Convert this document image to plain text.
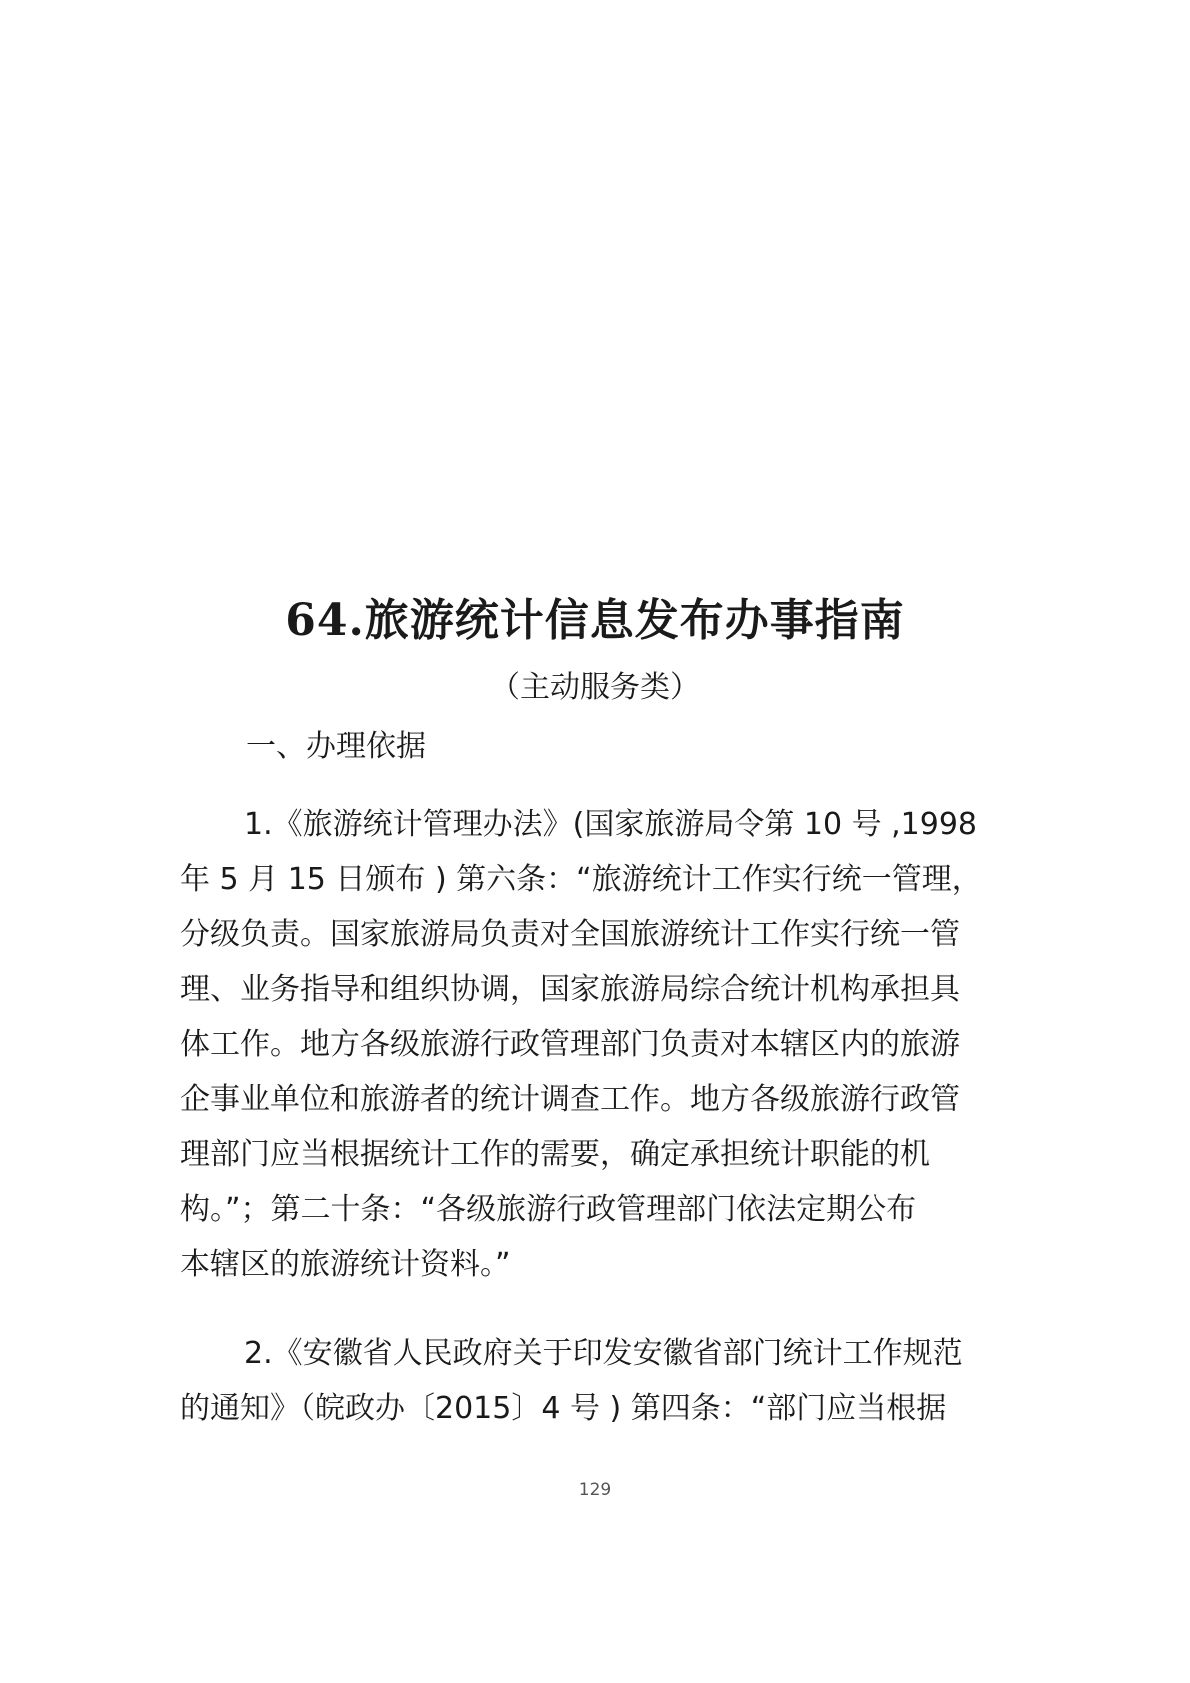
64.旅游统计信息发布办事指南
（主动服务类）
一、办理依据
1.《旅游统计管理办法》(国家旅游局令第 10 号 ,1998
年 5 月 15 日颁布 ) 第六条：“旅游统计工作实行统一管理，
分级负责。国家旅游局负责对全国旅游统计工作实行统一管
理、业务指导和组织协调，国家旅游局综合统计机构承担具
体工作。地方各级旅游行政管理部门负责对本辖区内的旅游
企事业单位和旅游者的统计调查工作。地方各级旅游行政管
理部门应当根据统计工作的需要，确定承担统计职能的机
构。”；第二十条：“各级旅游行政管理部门依法定期公布
本辖区的旅游统计资料。”
2.《安徽省人民政府关于印发安徽省部门统计工作规范
的通知》（皖政办〔2015〕4 号 ) 第四条：“部门应当根据
129
